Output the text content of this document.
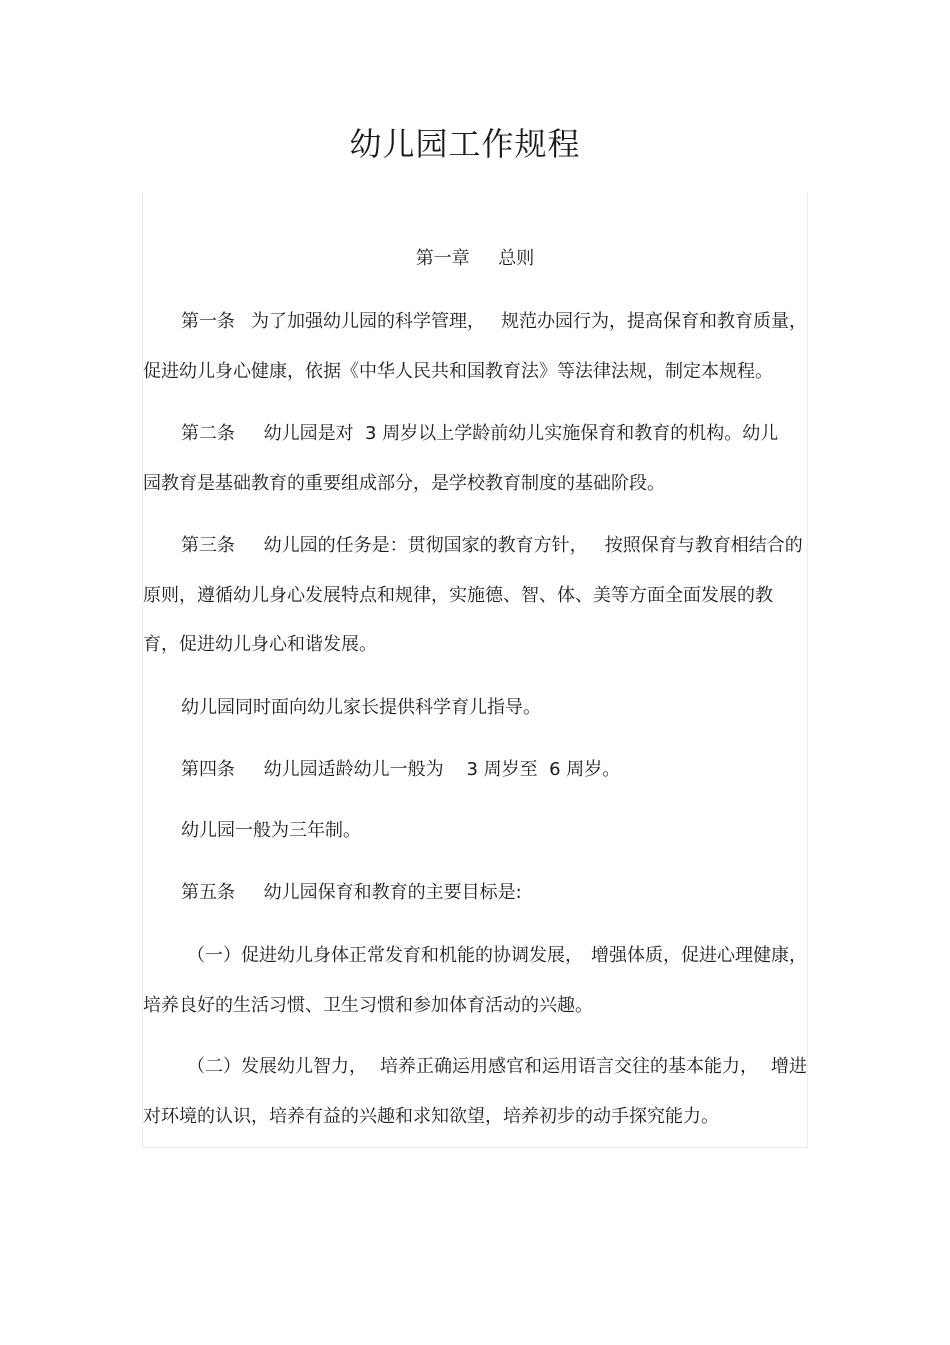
幼儿园工作规程
第一章     总则
第一条 为了加强幼儿园的科学管理， 规范办园行为，提高保育和教育质量，
促进幼儿身心健康，依据《中华人民共和国教育法》等法律法规，制定本规程。
第二条     幼儿园是对  3 周岁以上学龄前幼儿实施保育和教育的机构。幼儿
园教育是基础教育的重要组成部分，是学校教育制度的基础阶段。
第三条     幼儿园的任务是：贯彻国家的教育方针，   按照保育与教育相结合的
原则，遵循幼儿身心发展特点和规律，实施德、智、体、美等方面全面发展的教
育，促进幼儿身心和谐发展。
幼儿园同时面向幼儿家长提供科学育儿指导。
第四条     幼儿园适龄幼儿一般为    3 周岁至  6 周岁。
幼儿园一般为三年制。
第五条     幼儿园保育和教育的主要目标是:
（一）促进幼儿身体正常发育和机能的协调发展， 增强体质，促进心理健康，
培养良好的生活习惯、卫生习惯和参加体育活动的兴趣。
（二）发展幼儿智力， 培养正确运用感官和运用语言交往的基本能力， 增进
对环境的认识，培养有益的兴趣和求知欲望，培养初步的动手探究能力。
